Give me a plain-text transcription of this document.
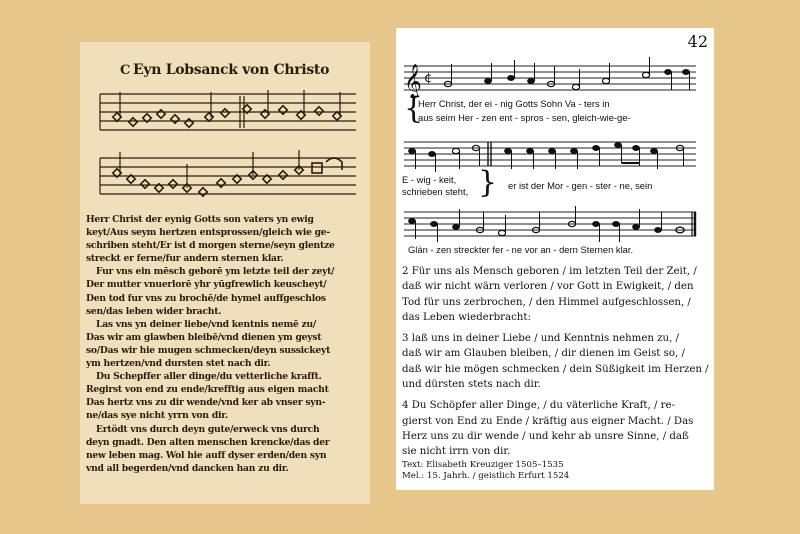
C Eyn Lobsanck von Christo

Herr Christ der eynig Gotts son vaters yn ewig

keyt/Aus seym hertzen entsprossen/gleich wie ge-

schriben steht/Er ist d morgen sterne/seyn glentze

streckt er ferne/fur andern sternen klar.

Fur vns ein mēsch geborē ym letzte teil der zeyt/

Der mutter vnuerlorē yhr yūgfrewlich keuscheyt/

Den tod fur vns zu brochē/de hymel auffgeschlos

sen/das leben wider bracht.

Las vns yn deiner liebe/vnd kentnis nemē zu/

Das wir am glawben bleibē/vnd dienen ym geyst

so/Das wir hie mugen schmecken/deyn sussickeyt

ym hertzen/vnd dursten stet nach dir.

Du Schepffer aller dinge/du vetterliche krafft.

Regirst von end zu ende/krefftig aus eigen macht

Das hertz vns zu dir wende/vnd ker ab vnser syn-

ne/das sye nicht yrrn von dir.

Ertödt vns durch deyn gute/erweck vns durch

deyn gnadt. Den alten menschen krencke/das der

new leben mag. Wol hie auff dyser erden/den syn

vnd all begerden/vnd dancken han zu dir.

42
𝄞 ¢
{
Herr Christ, der ei - nig Gotts Sohn Va - ters in
aus seim Her - zen ent - spros - sen, gleich-wie-ge-
E - wig - keit,
schrieben steht, } er ist der Mor - gen - ster - ne, sein
Glän - zen streckter fer - ne vor an - dern Sternen klar.

2 Für uns als Mensch geboren / im letzten Teil der Zeit, /
daß wir nicht wärn verloren / vor Gott in Ewigkeit, / den
Tod für uns zerbrochen, / den Himmel aufgeschlossen, /
das Leben wiederbracht:

3 laß uns in deiner Liebe / und Kenntnis nehmen zu, /
daß wir am Glauben bleiben, / dir dienen im Geist so, /
daß wir hie mögen schmecken / dein Süßigkeit im Herzen /
und dürsten stets nach dir.

4 Du Schöpfer aller Dinge, / du väterliche Kraft, / re-
gierst von End zu Ende / kräftig aus eigner Macht. / Das
Herz uns zu dir wende / und kehr ab unsre Sinne, / daß
sie nicht irrn von dir.

Text: Elisabeth Kreuziger 1505–1535
Mel.: 15. Jahrh. / geistlich Erfurt 1524
